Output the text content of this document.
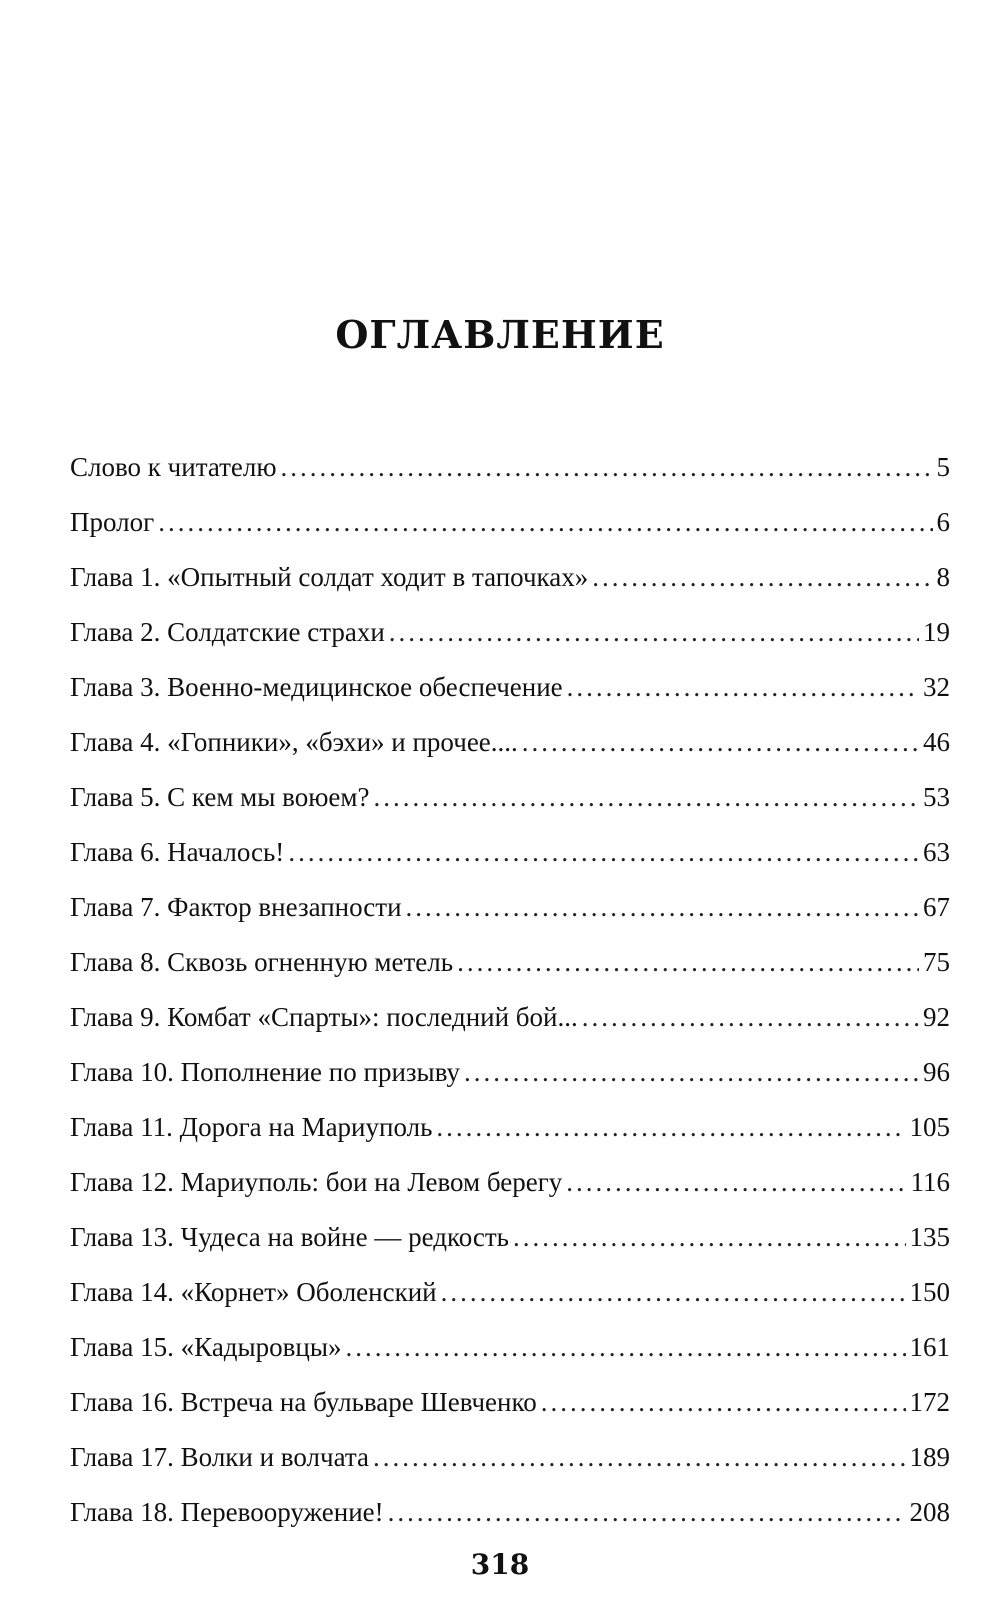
ОГЛАВЛЕНИЕ
Слово к читателю .....	5
Пролог .....	6
Глава 1. «Опытный солдат ходит в тапочках» .....	8
Глава 2. Солдатские страхи .....	19
Глава 3. Военно-медицинское обеспечение .....	32
Глава 4. «Гопники», «бэхи» и прочее.... .....	46
Глава 5. С кем мы воюем? .....	53
Глава 6. Началось! .....	63
Глава 7. Фактор внезапности .....	67
Глава 8. Сквозь огненную метель .....	75
Глава 9. Комбат «Спарты»: последний бой... .....	92
Глава 10. Пополнение по призыву .....	96
Глава 11. Дорога на Мариуполь .....	105
Глава 12. Мариуполь: бои на Левом берегу .....	116
Глава 13. Чудеса на войне — редкость .....	135
Глава 14. «Корнет» Оболенский .....	150
Глава 15. «Кадыровцы» .....	161
Глава 16. Встреча на бульваре Шевченко .....	172
Глава 17. Волки и волчата .....	189
Глава 18. Перевооружение! .....	208
318
